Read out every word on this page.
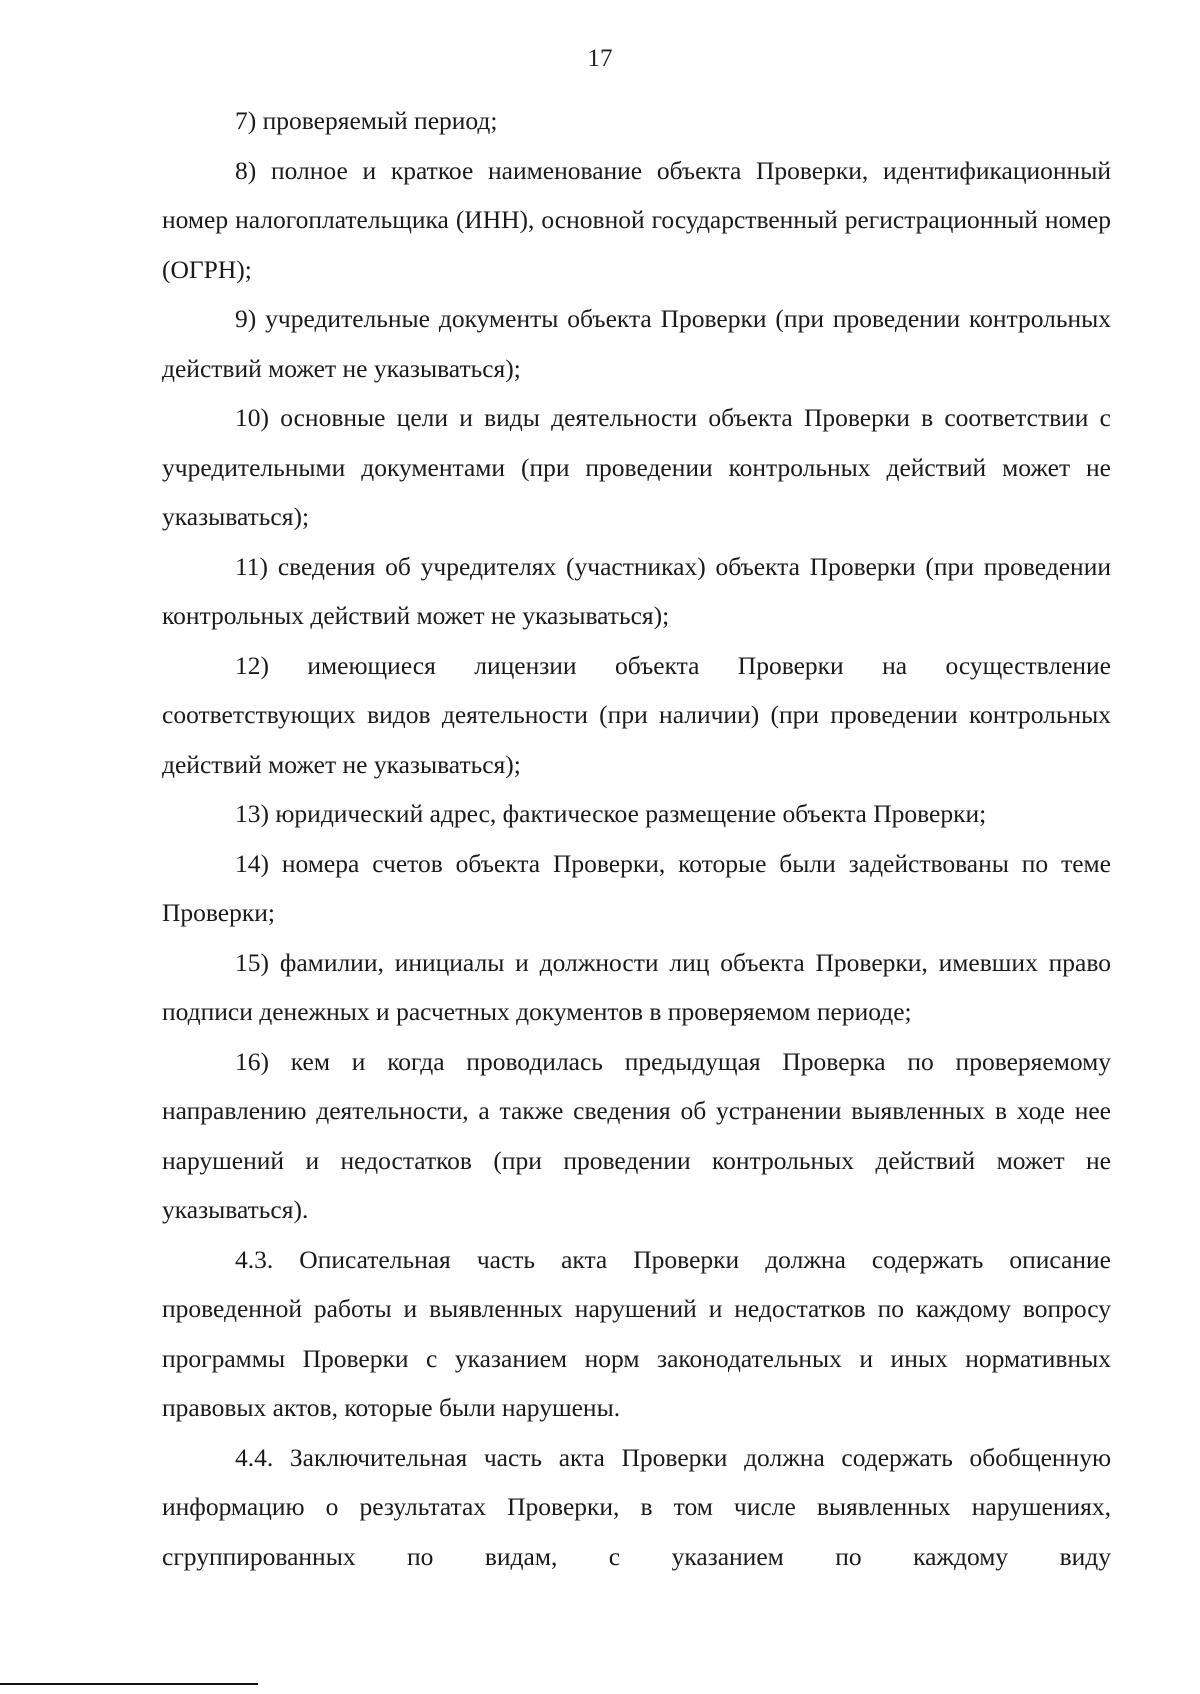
17

7) проверяемый период;

8) полное и краткое наименование объекта Проверки, идентификационный номер налогоплательщика (ИНН), основной государственный регистрационный номер (ОГРН);

9) учредительные документы объекта Проверки (при проведении контрольных действий может не указываться);

10) основные цели и виды деятельности объекта Проверки в соответствии с учредительными документами (при проведении контрольных действий может не указываться);

11) сведения об учредителях (участниках) объекта Проверки (при проведении контрольных действий может не указываться);

12) имеющиеся лицензии объекта Проверки на осуществление соответствующих видов деятельности (при наличии) (при проведении контрольных действий может не указываться);

13) юридический адрес, фактическое размещение объекта Проверки;

14) номера счетов объекта Проверки, которые были задействованы по теме Проверки;

15) фамилии, инициалы и должности лиц объекта Проверки, имевших право подписи денежных и расчетных документов в проверяемом периоде;

16) кем и когда проводилась предыдущая Проверка по проверяемому направлению деятельности, а также сведения об устранении выявленных в ходе нее нарушений и недостатков (при проведении контрольных действий может не указываться).

4.3. Описательная часть акта Проверки должна содержать описание проведенной работы и выявленных нарушений и недостатков по каждому вопросу программы Проверки с указанием норм законодательных и иных нормативных правовых актов, которые были нарушены.

4.4. Заключительная часть акта Проверки должна содержать обобщенную информацию о результатах Проверки, в том числе выявленных нарушениях, сгруппированных по видам, с указанием по каждому виду
